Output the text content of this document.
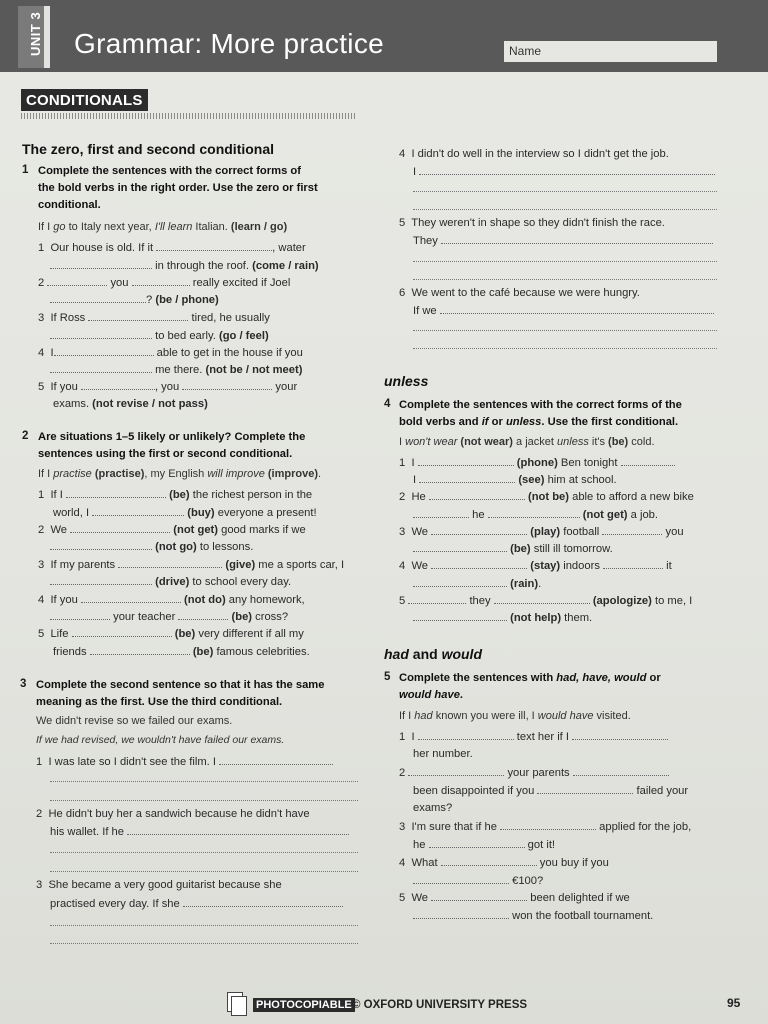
UNIT 3 Grammar: More practice	Name
CONDITIONALS
The zero, first and second conditional
1 Complete the sentences with the correct forms of
the bold verbs in the right order. Use the zero or first
conditional.
If I go to Italy next year, I'll learn Italian. (learn / go)
1 Our house is old. If it	, water
in through the roof. (come / rain)
2	you	really excited if Joel
? (be / phone)
3 If Ross	tired, he usually
to bed early. (go / feel)
4 I	able to get in the house if you
me there. (not be / not meet)
5 If you	, you	your
exams. (not revise / not pass)
2 Are situations 1–5 likely or unlikely? Complete the
sentences using the first or second conditional.
If I practise (practise), my English will improve (improve).
1 If I	(be) the richest person in the
world, I	(buy) everyone a present!
2 We	(not get) good marks if we
(not go) to lessons.
3 If my parents	(give) me a sports car, I
(drive) to school every day.
4 If you	(not do) any homework,
your teacher	(be) cross?
5 Life	(be) very different if all my
friends	(be) famous celebrities.
3 Complete the second sentence so that it has the same
meaning as the first. Use the third conditional.
We didn't revise so we failed our exams.
If we had revised, we wouldn't have failed our exams.
1 I was late so I didn't see the film. I
2 He didn't buy her a sandwich because he didn't have
his wallet. If he
3 She became a very good guitarist because she
practised every day. If she
4 I didn't do well in the interview so I didn't get the job.
I
5 They weren't in shape so they didn't finish the race.
They
6 We went to the café because we were hungry.
If we
unless
4 Complete the sentences with the correct forms of the
bold verbs and if or unless. Use the first conditional.
I won't wear (not wear) a jacket unless it's (be) cold.
1 I	(phone) Ben tonight
I	(see) him at school.
2 He	(not be) able to afford a new bike
he	(not get) a job.
3 We	(play) football	you
(be) still ill tomorrow.
4 We	(stay) indoors	it
(rain).
5	they	(apologize) to me, I
(not help) them.
had and would
5 Complete the sentences with had, have, would or
would have.
If I had known you were ill, I would have visited.
1 I	text her if I
her number.
2	your parents
been disappointed if you	failed your
exams?
3 I'm sure that if he	applied for the job,
he	got it!
4 What	you buy if you
€100?
5 We	been delighted if we
won the football tournament.
PHOTOCOPIABLE © OXFORD UNIVERSITY PRESS	95
